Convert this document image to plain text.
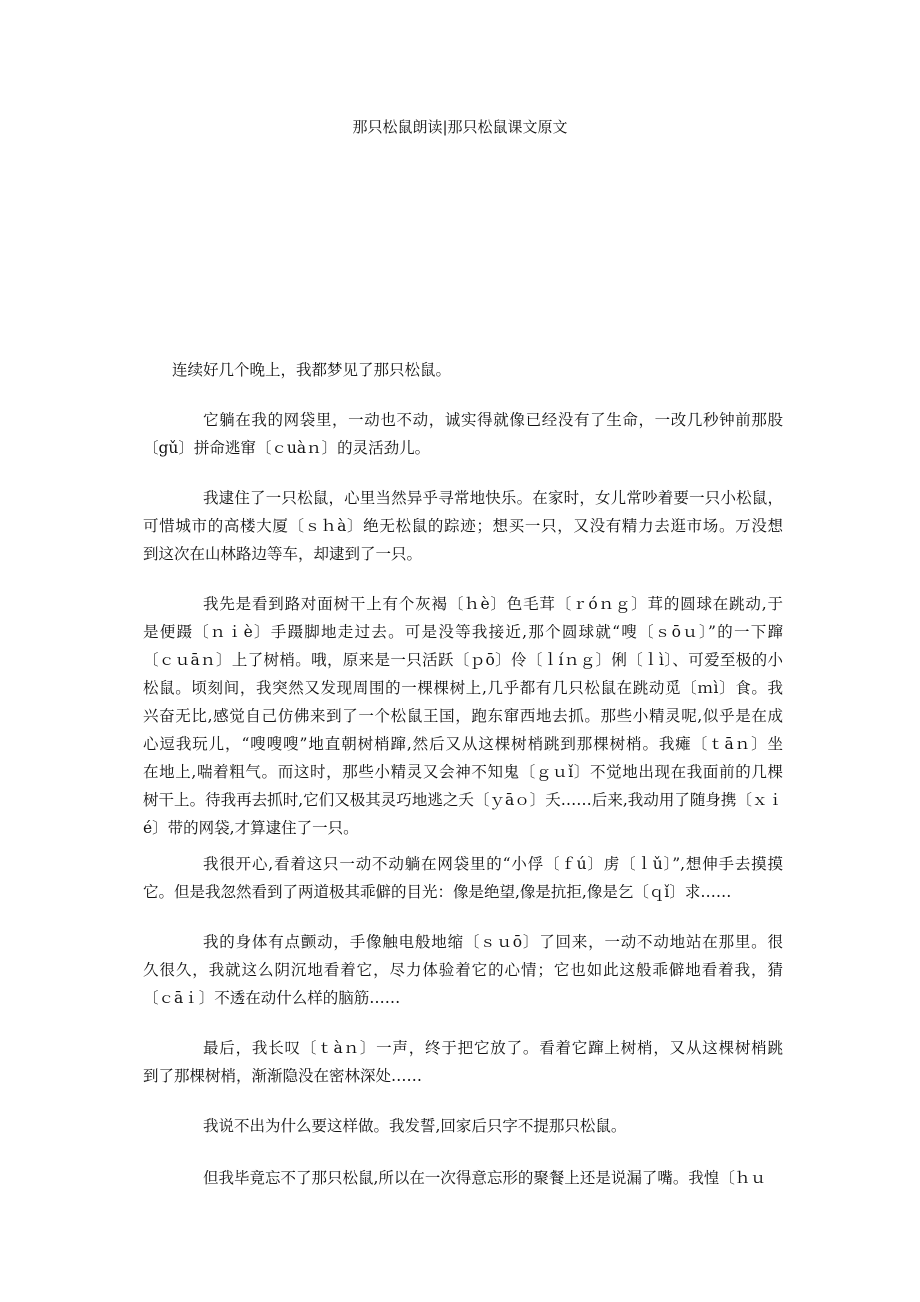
那只松鼠朗读|那只松鼠课文原文
连续好几个晚上，我都梦见了那只松鼠。
它躺在我的网袋里，一动也不动，诚实得就像已经没有了生命，一改几秒钟前那股
〔gǔ〕拼命逃窜〔ｃuàｎ〕的灵活劲儿。
我逮住了一只松鼠，心里当然异乎寻常地快乐。在家时，女儿常吵着要一只小松鼠，
可惜城市的高楼大厦〔ｓｈà〕绝无松鼠的踪迹；想买一只，又没有精力去逛市场。万没想
到这次在山林路边等车，却逮到了一只。
我先是看到路对面树干上有个灰褐〔ｈè〕色毛茸〔ｒóｎｇ〕茸的圆球在跳动,于
是便蹑〔ｎｉè〕手蹑脚地走过去。可是没等我接近,那个圆球就“嗖〔ｓōｕ〕”的一下蹿
〔ｃｕāｎ〕上了树梢。哦，原来是一只活跃〔ｐō〕伶〔ｌíｎｇ〕俐〔ｌì〕、可爱至极的小
松鼠。顷刻间，我突然又发现周围的一棵棵树上,几乎都有几只松鼠在跳动觅〔ｍì〕食。我
兴奋无比,感觉自己仿佛来到了一个松鼠王国，跑东窜西地去抓。那些小精灵呢,似乎是在成
心逗我玩儿，“嗖嗖嗖”地直朝树梢蹿,然后又从这棵树梢跳到那棵树梢。我瘫〔ｔāｎ〕坐
在地上,喘着粗气。而这时，那些小精灵又会神不知鬼〔ｇｕǐ〕不觉地出现在我面前的几棵
树干上。待我再去抓时,它们又极其灵巧地逃之夭〔ｙāｏ〕夭……后来,我动用了随身携〔ｘｉ
é〕带的网袋,才算逮住了一只。
我很开心,看着这只一动不动躺在网袋里的“小俘〔ｆú〕虏〔ｌǔ〕”,想伸手去摸摸
它。但是我忽然看到了两道极其乖僻的目光：像是绝望,像是抗拒,像是乞〔ｑǐ〕求……
我的身体有点颤动，手像触电般地缩〔ｓｕō〕了回来，一动不动地站在那里。很
久很久，我就这么阴沉地看着它，尽力体验着它的心情；它也如此这般乖僻地看着我，猜
〔ｃāｉ〕不透在动什么样的脑筋……
最后，我长叹〔ｔàｎ〕一声，终于把它放了。看着它蹿上树梢，又从这棵树梢跳
到了那棵树梢，渐渐隐没在密林深处……
我说不出为什么要这样做。我发誓,回家后只字不提那只松鼠。
但我毕竟忘不了那只松鼠,所以在一次得意忘形的聚餐上还是说漏了嘴。我惶〔ｈｕ
